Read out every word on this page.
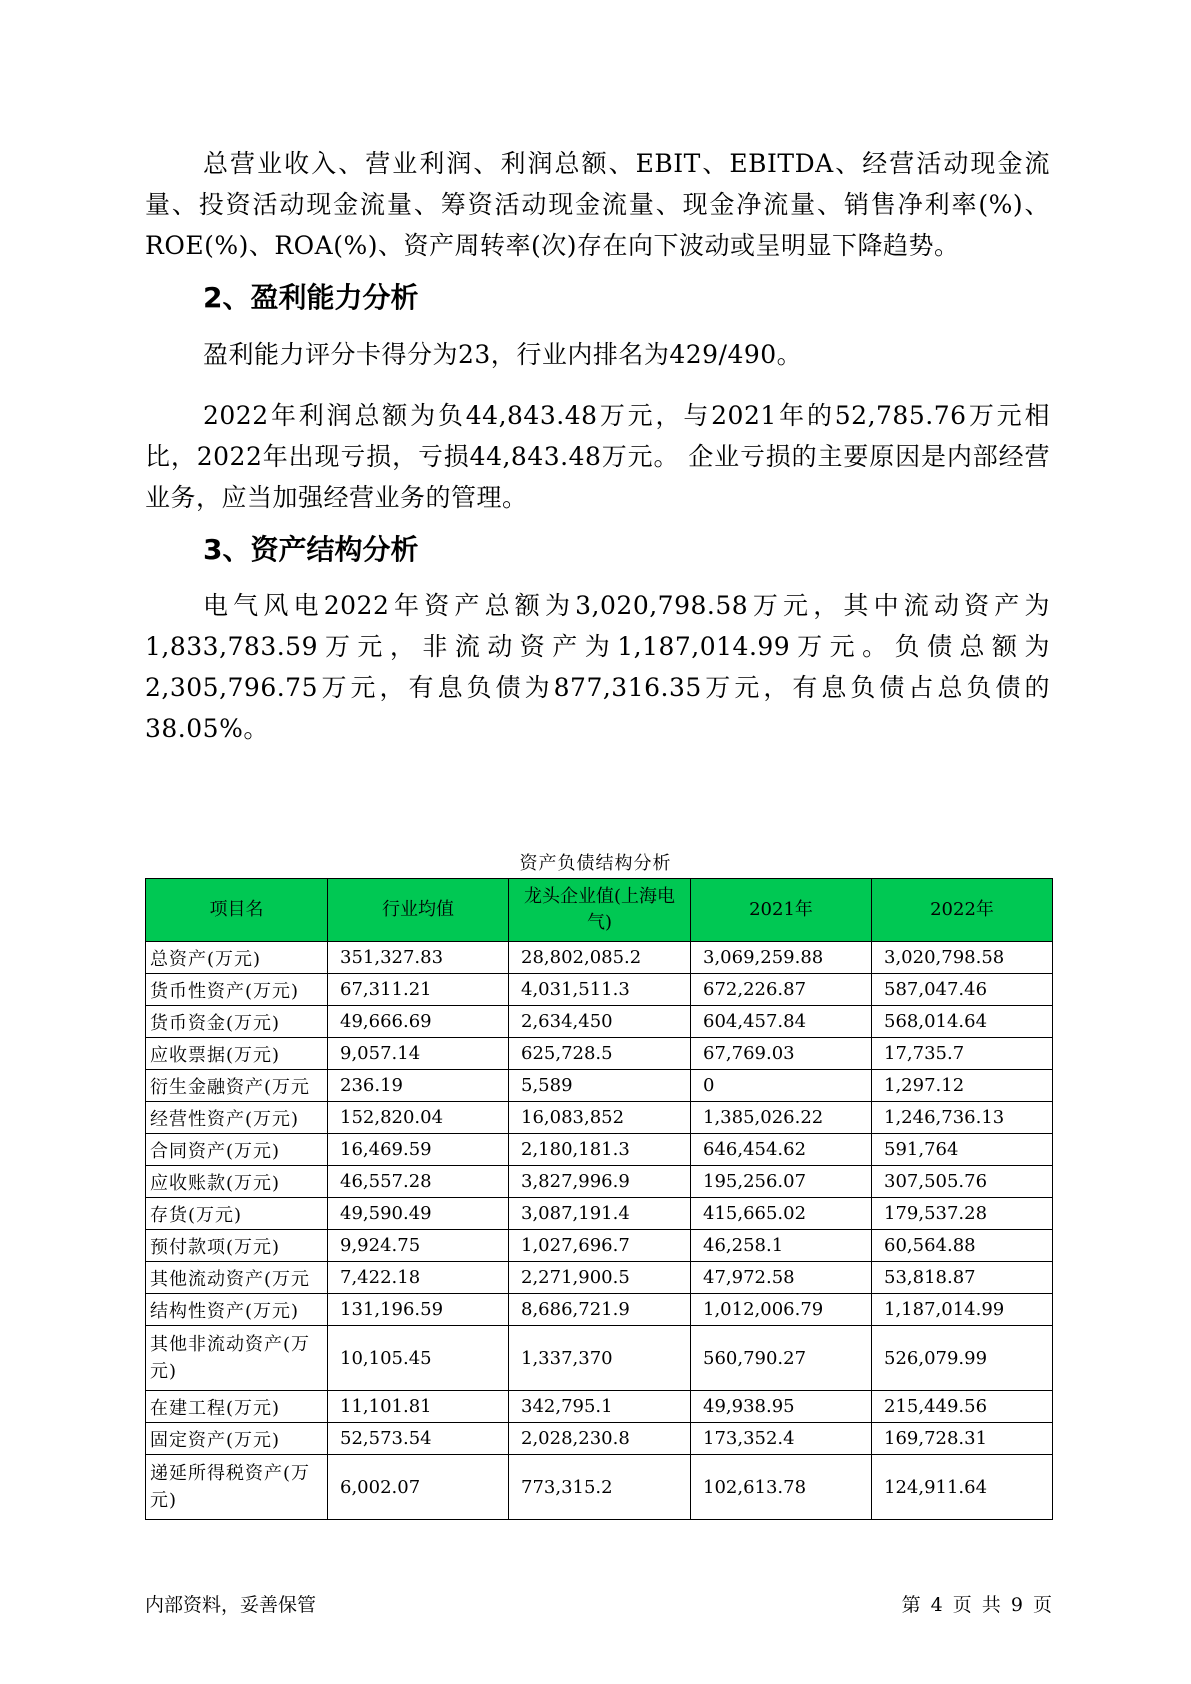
总营业收入、营业利润、利润总额、EBIT、EBITDA、经营活动现金流量、投资活动现金流量、筹资活动现金流量、现金净流量、销售净利率(%)、ROE(%)、ROA(%)、资产周转率(次)存在向下波动或呈明显下降趋势。

2、盈利能力分析

盈利能力评分卡得分为23，行业内排名为429/490。

2022年利润总额为负44,843.48万元，与2021年的52,785.76万元相比，2022年出现亏损，亏损44,843.48万元。 企业亏损的主要原因是内部经营业务，应当加强经营业务的管理。

3、资产结构分析

电气风电2022年资产总额为3,020,798.58万元，其中流动资产为1,833,783.59万元，非流动资产为1,187,014.99万元。负债总额为2,305,796.75万元，有息负债为877,316.35万元，有息负债占总负债的38.05%。

资产负债结构分析
项目名	行业均值	龙头企业值(上海电气)	2021年	2022年
总资产(万元)	351,327.83	28,802,085.2	3,069,259.88	3,020,798.58
货币性资产(万元)	67,311.21	4,031,511.3	672,226.87	587,047.46
货币资金(万元)	49,666.69	2,634,450	604,457.84	568,014.64
应收票据(万元)	9,057.14	625,728.5	67,769.03	17,735.7
衍生金融资产(万元	236.19	5,589	0	1,297.12
经营性资产(万元)	152,820.04	16,083,852	1,385,026.22	1,246,736.13
合同资产(万元)	16,469.59	2,180,181.3	646,454.62	591,764
应收账款(万元)	46,557.28	3,827,996.9	195,256.07	307,505.76
存货(万元)	49,590.49	3,087,191.4	415,665.02	179,537.28
预付款项(万元)	9,924.75	1,027,696.7	46,258.1	60,564.88
其他流动资产(万元	7,422.18	2,271,900.5	47,972.58	53,818.87
结构性资产(万元)	131,196.59	8,686,721.9	1,012,006.79	1,187,014.99
其他非流动资产(万元)	10,105.45	1,337,370	560,790.27	526,079.99
在建工程(万元)	11,101.81	342,795.1	49,938.95	215,449.56
固定资产(万元)	52,573.54	2,028,230.8	173,352.4	169,728.31
递延所得税资产(万元)	6,002.07	773,315.2	102,613.78	124,911.64
内部资料，妥善保管	第 4 页 共 9 页
